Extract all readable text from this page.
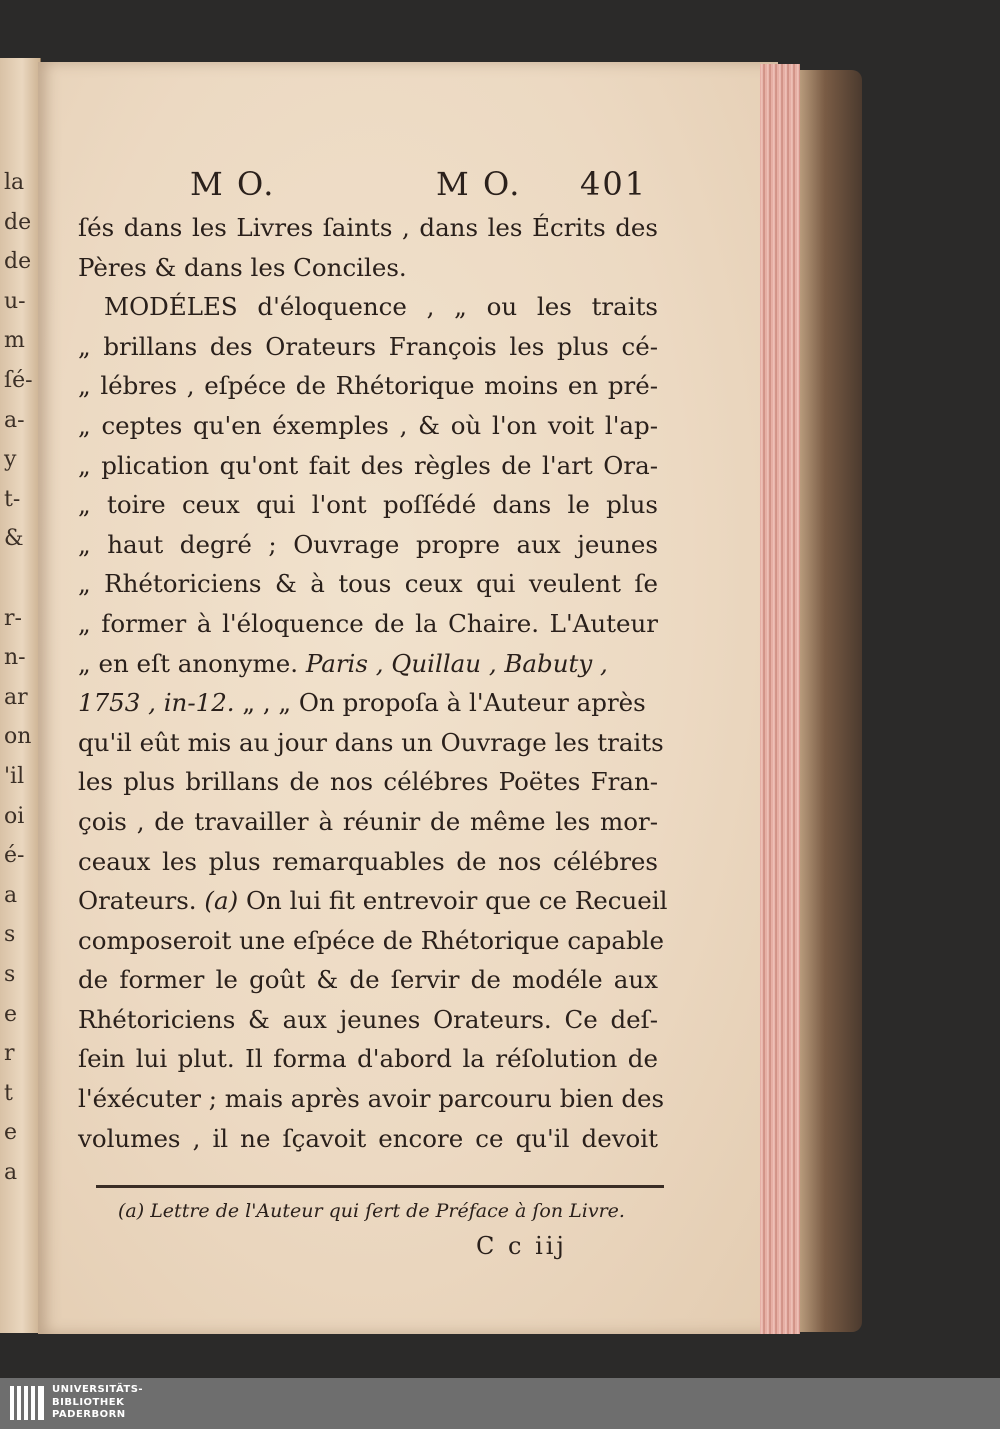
la
de
de
u-
m
ſé-
a-
y
t-
&
r-
n-
ar
on
'il
oi
é-
a
s
s
e
r
t
e
a
M O.	M O. 401
ſés dans les Livres ſaints , dans les Écrits des
Pères & dans les Conciles.
MODÉLES d'éloquence , „ ou les traits
„ brillans des Orateurs François les plus cé-
„ lébres , eſpéce de Rhétorique moins en pré-
„ ceptes qu'en éxemples , & où l'on voit l'ap-
„ plication qu'ont fait des règles de l'art Ora-
„ toire ceux qui l'ont poſſédé dans le plus
„ haut degré ; Ouvrage propre aux jeunes
„ Rhétoriciens & à tous ceux qui veulent ſe
„ former à l'éloquence de la Chaire. L'Auteur
„ en eſt anonyme. Paris , Quillau , Babuty ,
1753 , in-12. „ , „ On propoſa à l'Auteur après
qu'il eût mis au jour dans un Ouvrage les traits
les plus brillans de nos célébres Poëtes Fran-
çois , de travailler à réunir de même les mor-
ceaux les plus remarquables de nos célébres
Orateurs. (a) On lui fit entrevoir que ce Recueil
composeroit une eſpéce de Rhétorique capable
de former le goût & de ſervir de modéle aux
Rhétoriciens & aux jeunes Orateurs. Ce deſ-
ſein lui plut. Il forma d'abord la réſolution de
l'éxécuter ; mais après avoir parcouru bien des
volumes , il ne ſçavoit encore ce qu'il devoit
(a) Lettre de l'Auteur qui ſert de Préface à ſon Livre.
C c iij
UNIVERSITÄTS-
BIBLIOTHEK
PADERBORN
